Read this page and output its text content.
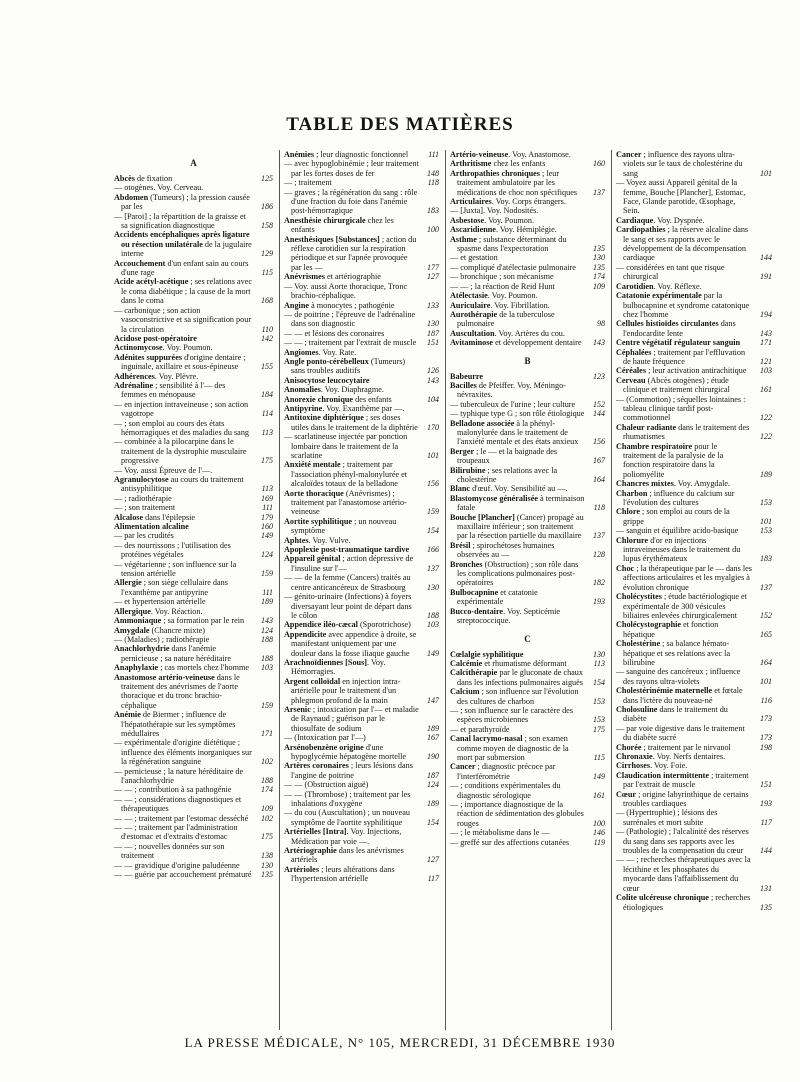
TABLE DES MATIÈRES
A
Abcès de fixation	125
— otogènes. Voy. Cerveau.
Abdomen (Tumeurs) ; la pression causée par les	186
— [Paroi] ; la répartition de la graisse et sa signification diagnostique	158
Accidents encéphaliques après ligature ou résection unilatérale de la jugulaire interne	129
Accouchement d'un enfant sain au cours d'une rage	115
Acide acétyl-acétique ; ses relations avec le coma diabétique ; la cause de la mort dans le coma	168
— carbonique ; son action vasoconstrictive et sa signification pour la circulation	110
Acidose post-opératoire	142
Actinomycose. Voy. Poumon.
Adénites suppurées d'origine dentaire ; inguinale, axillaire et sous-épineuse	155
Adhérences. Voy. Plèvre.
Adrénaline ; sensibilité à l'— des femmes en ménopause	184
— en injection intraveineuse ; son action vagotrope	114
— ; son emploi au cours des états hémorragiques et des maladies du sang 113
— combinée à la pilocarpine dans le traitement de la dystrophie musculaire progressive	175
— Voy. aussi Épreuve de l'—.
Agranulocytose au cours du traitement antisyphilitique	113
— ; radiothérapie	169
— ; son traitement	111
Alcalose dans l'épilepsie	179
Alimentation alcaline	160
— par les crudités	149
— des nourrissons ; l'utilisation des protéines végétales	124
— végétarienne ; son influence sur la tension artérielle	159
Allergie ; son siège cellulaire dans l'exanthème par antipyrine	111
— et hypertension artérielle	189
Allergique. Voy. Réaction.
Ammoniaque ; sa formation par le rein 143
Amygdale (Chancre mixte)	124
— (Maladies) ; radiothérapie	188
Anachlorhydrie dans l'anémie pernicieuse ; sa nature héréditaire	188
Anaphylaxie ; cas mortels chez l'homme 103
Anastomose artério-veineuse dans le traitement des anévrismes de l'aorte thoracique et du tronc brachio-céphalique	159
Anémie de Biermer ; influence de l'hépatothérapie sur les symptômes médullaires	171
— expérimentale d'origine diététique ; influence des éléments inorganiques sur la régénération sanguine	102
— pernicieuse ; la nature héréditaire de l'anachlorhydrie	188
— — ; contribution à sa pathogénie	174
— — ; considérations diagnostiques et thérapeutiques	109
— — ; traitement par l'estomac desséché 102
— — ; traitement par l'administration d'estomac et d'extraits d'estomac	175
— — ; nouvelles données sur son traitement	138
— — gravidique d'origine paludéenne	130
— — guérie par accouchement prématuré 135
Anémies ; leur diagnostic fonctionnel	111
— avec hypoglobinémie ; leur traitement par les fortes doses de fer	148
— ; traitement	118
— graves ; la régénération du sang : rôle d'une fraction du foie dans l'anémie post-hémorragique	183
Anesthésie chirurgicale chez les enfants	100
Anesthésiques [Substances] ; action du réflexe carotidien sur la respiration périodique et sur l'apnée provoquée par les —	177
Anévrismes et artériographie	127
— Voy. aussi Aorte thoracique, Tronc brachio-céphalique.
Angine à monocytes ; pathogénie	133
— de poitrine ; l'épreuve de l'adrénaline dans son diagnostic	130
— — et lésions des coronaires	187
— — ; traitement par l'extrait de muscle 151
Angiomes. Voy. Rate.
Angle ponto-cérébelleux (Tumeurs) sans troubles auditifs	126
Anisocytose leucocytaire	143
Anomalies. Voy. Diaphragme.
Anorexie chronique des enfants	104
Antipyrine. Voy. Exanthème par —.
Antitoxine diphtérique ; ses doses utiles dans le traitement de la diphtérie 170
— scarlatineuse injectée par ponction lombaire dans le traitement de la scarlatine	101
Anxiété mentale ; traitement par l'association phényl-malonylurée et alcaloïdes totaux de la belladone	156
Aorte thoracique (Anévrismes) ; traitement par l'anastomose artério-veineuse	159
Aortite syphilitique ; un nouveau symptôme	154
Aphtes. Voy. Vulve.
Apoplexie post-traumatique tardive 166
Appareil génital ; action dépressive de l'insuline sur l'—	137
— — de la femme (Cancers) traités au centre anticancéreux de Strasbourg	130
— génito-urinaire (Infections) à foyers diversayant leur point de départ dans le côlon	188
Appendice iléo-cæcal (Sporotrichose) 103
Appendicite avec appendice à droite, se manifestant uniquement par une douleur dans la fosse iliaque gauche 149
Arachnoïdiennes [Sous]. Voy. Hémorragies.
Argent colloïdal en injection intra-artérielle pour le traitement d'un phlegmon profond de la main	147
Arsenic ; intoxication par l'— et maladie de Raynaud ; guérison par le thiosulfate de sodium	189
— (Intoxication par l'—)	167
Arsénobenzène origine d'une hypoglycémie hépatogène mortelle	190
Artères coronaires ; leurs lésions dans l'angine de poitrine	187
— — (Obstruction aiguë)	124
— — (Thrombose) ; traitement par les inhalations d'oxygène	189
— du cou (Auscultation) ; un nouveau symptôme de l'aortite syphilitique	154
Artérielles [Intra]. Voy. Injections, Médication par voie —.
Artériographie dans les anévrismes artériels	127
Artérioles ; leurs altérations dans l'hypertension artérielle	117
Artério-veineuse. Voy. Anastomose.
Arthritisme chez les enfants	160
Arthropathies chroniques ; leur traitement ambulatoire par les médications de choc non spécifiques 137
Articulaires. Voy. Corps étrangers.
— [Juxta]. Voy. Nodosités.
Asbestose. Voy. Poumon.
Ascaridienne. Voy. Hémiplégie.
Asthme ; substance déterminant du spasme dans l'expectoration	135
— et gestation	130
— compliqué d'atélectasie pulmonaire 135
— bronchique ; son mécanisme	174
— — ; la réaction de Reid Hunt	109
Atélectasie. Voy. Poumon.
Auriculaire. Voy. Fibrillation.
Aurothérapie de la tuberculose pulmonaire	98
Auscultation. Voy. Artères du cou.
Avitaminose et développement dentaire 143
B
Babeurre	123
Bacilles de Pfeiffer. Voy. Méningo-névraxites.
— tuberculeux de l'urine ; leur culture 152
— typhique type G ; son rôle étiologique 144
Belladone associée à la phényl-malonylurée dans le traitement de l'anxiété mentale et des états anxieux 156
Berger ; le — et la baignade des troupeaux	167
Bilirubine ; ses relations avec la cholestérine	164
Blanc d'œuf. Voy. Sensibilité au —.
Blastomycose généralisée à terminaison fatale	118
Bouche [Plancher] (Cancer) propagé au maxillaire inférieur ; son traitement par la résection partielle du maxillaire 137
Brésil ; spirochétoses humaines observées au —	128
Bronches (Obstruction) ; son rôle dans les complications pulmonaires post-opératoires	182
Bulbocapnine et catatonie expérimentale	193
Bucco-dentaire. Voy. Septicémie streptococcique.
C
Cœlalgie syphilitique	130
Calcémie et rhumatisme déformant	113
Calcithérapie par le gluconate de chaux dans les infections pulmonaires aiguës 154
Calcium ; son influence sur l'évolution des cultures de charbon	153
— ; son influence sur le caractère des espèces microbiennes	153
— et parathyroïde	175
Canal lacrymo-nasal ; son examen comme moyen de diagnostic de la mort par submersion	115
Cancer ; diagnostic précoce par l'interférométrie	149
— ; conditions expérimentales du diagnostic sérologique	161
— ; importance diagnostique de la réaction de sédimentation des globules rouges	100
— ; le métabolisme dans le —	146
— greffé sur des affections cutanées	119
Cancer ; influence des rayons ultra-violets sur le taux de cholestérine du sang	101
— Voyez aussi Appareil génital de la femme, Bouche [Plancher], Estomac, Face, Glande parotide, Œsophage, Sein.
Cardiaque. Voy. Dyspnée.
Cardiopathies ; la réserve alcaline dans le sang et ses rapports avec le développement de la décompensation cardiaque	144
— considérées en tant que risque chirurgical	191
Carotidien. Voy. Réflexe.
Catatonie expérimentale par la bulbocapnine et syndrome catatonique chez l'homme	194
Cellules histioïdes circulantes dans l'endocardite lente	143
Centre végétatif régulateur sanguin 171
Céphalées ; traitement par l'effluvation de haute fréquence	121
Céréales ; leur activation antirachitique 103
Cerveau (Abcès otogènes) ; étude clinique et traitement chirurgical	161
— (Commotion) ; séquelles lointaines : tableau clinique tardif post-commotionnel	122
Chaleur radiante dans le traitement des rhumatismes	122
Chambre respiratoire pour le traitement de la paralysie de la fonction respiratoire dans la poliomyélite	189
Chancres mixtes. Voy. Amygdale.
Charbon ; influence du calcium sur l'évolution des cultures	153
Chlore ; son emploi au cours de la grippe	101
— sanguin et équilibre acido-basique	153
Chlorure d'or en injections intraveineuses dans le traitement du lupus érythémateux	183
Choc ; la thérapeutique par le — dans les affections articulaires et les myalgies à évolution chronique	137
Cholécystites ; étude bactériologique et expérimentale de 300 vésicules biliaires enlevées chirurgicalement	152
Cholécystographie et fonction hépatique	165
Cholestérine ; sa balance hémato-hépatique et ses relations avec la bilirubine	164
— sanguine des cancéreux ; influence des rayons ultra-violets	101
Cholestérinémie maternelle et fœtale dans l'ictère du nouveau-né	116
Cholosuline dans le traitement du diabète	173
— par voie digestive dans le traitement du diabète sucré	173
Chorée ; traitement par le nirvanol	198
Chronaxie. Voy. Nerfs dentaires.
Cirrhoses. Voy. Foie.
Claudication intermittente ; traitement par l'extrait de muscle	151
Cœur ; origine labyrinthique de certains troubles cardiaques	193
— (Hypertrophie) ; lésions des surrénales et mort subite	117
— (Pathologie) ; l'alcalinité des réserves du sang dans ses rapports avec les troubles de la compensation du cœur 144
— — ; recherches thérapeutiques avec la lécithine et les phosphates du myocarde dans l'affaiblissement du cœur	131
Colite ulcéreuse chronique ; recherches étiologiques	135
LA PRESSE MÉDICALE, N° 105, MERCREDI, 31 DÉCEMBRE 1930
